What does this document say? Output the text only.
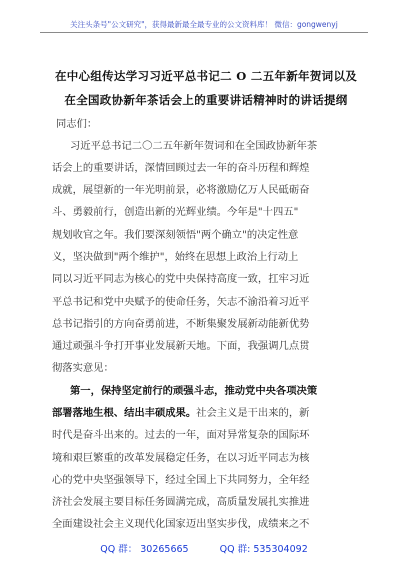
关注头条号"公文研究"，获得最新最全最专业的公文资料库！ 微信：gongwenyj
在中心组传达学习习近平总书记二 O 二五年新年贺词以及
在全国政协新年茶话会上的重要讲话精神时的讲话提纲
同志们：
习近平总书记二〇二五年新年贺词和在全国政协新年茶
话会上的重要讲话，深情回顾过去一年的奋斗历程和辉煌
成就，展望新的一年光明前景，必将激励亿万人民砥砺奋
斗、勇毅前行，创造出新的光辉业绩。今年是"十四五"
规划收官之年。我们要深刻领悟"两个确立"的决定性意
义，坚决做到"两个维护"，始终在思想上政治上行动上
同以习近平同志为核心的党中央保持高度一致，扛牢习近
平总书记和党中央赋予的使命任务，矢志不渝沿着习近平
总书记指引的方向奋勇前进，不断集聚发展新动能新优势
通过顽强斗争打开事业发展新天地。下面，我强调几点贯
彻落实意见：
第一，保持坚定前行的顽强斗志，推动党中央各项决策
部署落地生根、结出丰硕成果。社会主义是干出来的，新
时代是奋斗出来的。过去的一年，面对异常复杂的国际环
境和艰巨繁重的改革发展稳定任务，在以习近平同志为核
心的党中央坚强领导下，经过全国上下共同努力，全年经
济社会发展主要目标任务圆满完成，高质量发展扎实推进
全面建设社会主义现代化国家迈出坚实步伐，成绩来之不
QQ 群： 30265665	QQ 群: 535304092
